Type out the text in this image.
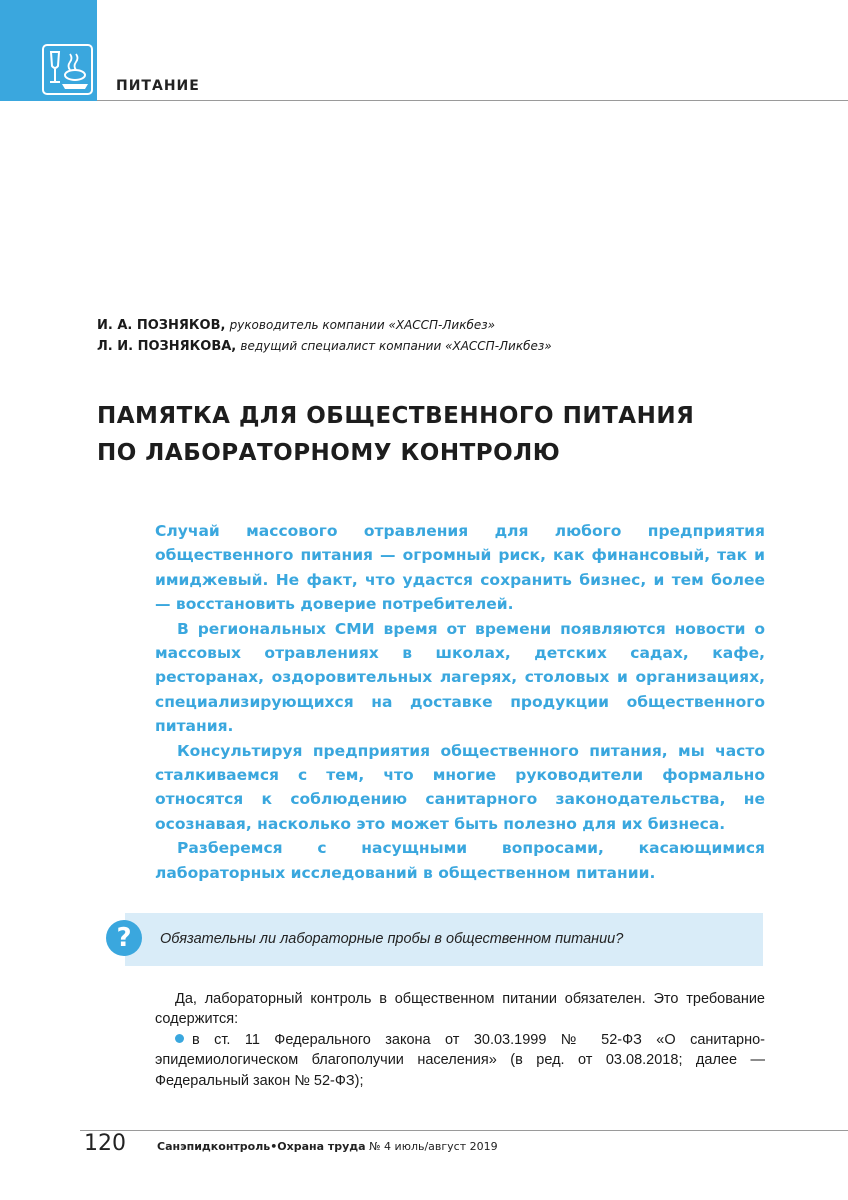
ПИТАНИЕ
И. А. ПОЗНЯКОВ, руководитель компании «ХАССП-Ликбез»
Л. И. ПОЗНЯКОВА, ведущий специалист компании «ХАССП-Ликбез»
ПАМЯТКА ДЛЯ ОБЩЕСТВЕННОГО ПИТАНИЯ
ПО ЛАБОРАТОРНОМУ КОНТРОЛЮ

Случай массового отравления для любого предприятия общественного питания — огромный риск, как финансовый, так и имиджевый. Не факт, что удастся сохранить бизнес, и тем более — восстановить доверие потребителей.

В региональных СМИ время от времени появляются новости о массовых отравлениях в школах, детских садах, кафе, ресторанах, оздоровительных лагерях, столовых и организациях, специализирующихся на доставке продукции общественного питания.

Консультируя предприятия общественного питания, мы часто сталкиваемся с тем, что многие руководители формально относятся к соблюдению санитарного законодательства, не осознавая, насколько это может быть полезно для их бизнеса.

Разберемся с насущными вопросами, касающимися лабораторных исследований в общественном питании.

?	Обязательны ли лабораторные пробы в общественном питании?

Да, лабораторный контроль в общественном питании обязателен. Это требование содержится:

в ст. 11 Федерального закона от 30.03.1999 № 52-ФЗ «О санитарно-эпидемиологическом благополучии населения» (в ред. от 03.08.2018; далее — Федеральный закон № 52-ФЗ);

120	Санэпидконтроль•Охрана труда № 4 июль/август 2019
